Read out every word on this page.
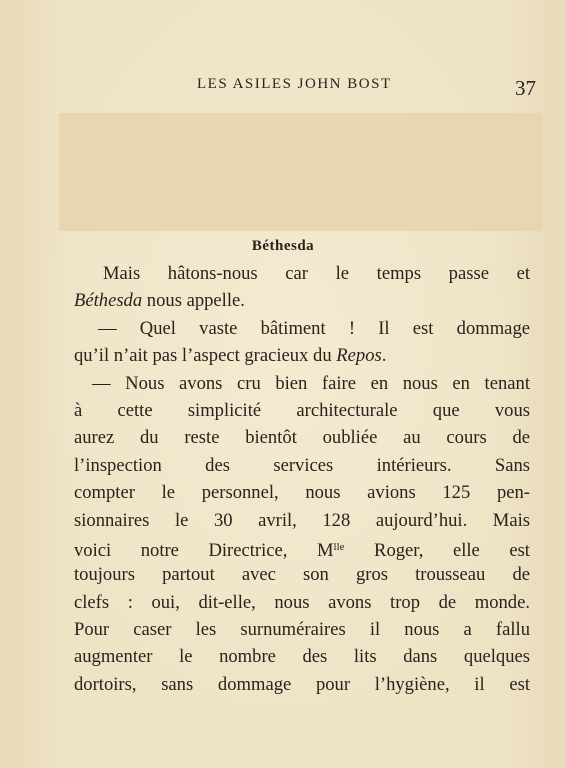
LES ASILES JOHN BOST	37
Béthesda
Mais hâtons-nous car le temps passe et
Béthesda nous appelle.
— Quel vaste bâtiment ! Il est dommage
qu’il n’ait pas l’aspect gracieux du Repos.
— Nous avons cru bien faire en nous en tenant
à cette simplicité architecturale que vous
aurez du reste bientôt oubliée au cours de
l’inspection des services intérieurs. Sans
compter le personnel, nous avions 125 pen-
sionnaires le 30 avril, 128 aujourd’hui. Mais
voici notre Directrice, $M^{lle}$ Roger, elle est
toujours partout avec son gros trousseau de
clefs : oui, dit-elle, nous avons trop de monde.
Pour caser les surnuméraires il nous a fallu
augmenter le nombre des lits dans quelques
dortoirs, sans dommage pour l’hygiène, il est
